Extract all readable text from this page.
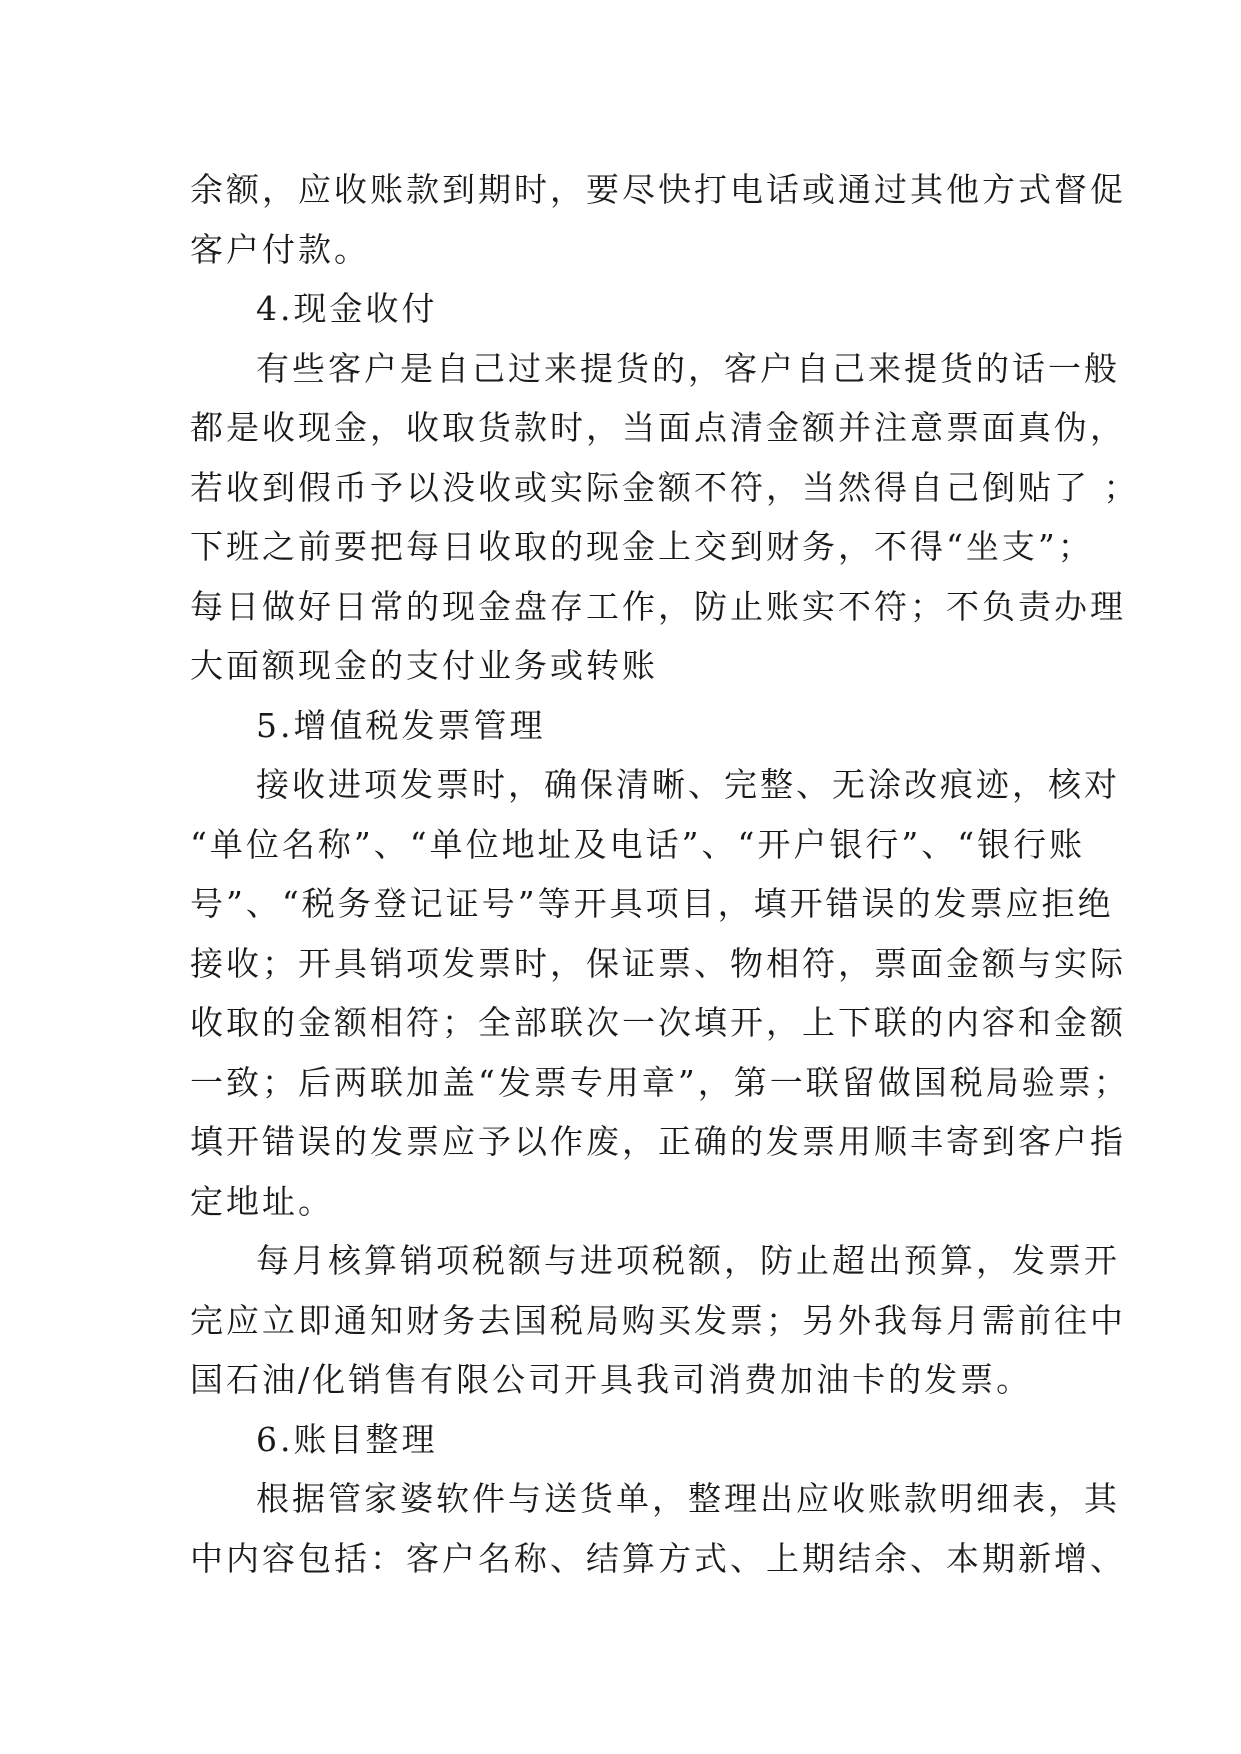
余额，应收账款到期时，要尽快打电话或通过其他方式督促
客户付款。
4.现金收付
有些客户是自己过来提货的，客户自己来提货的话一般
都是收现金，收取货款时，当面点清金额并注意票面真伪，
若收到假币予以没收或实际金额不符，当然得自己倒贴了 ；
下班之前要把每日收取的现金上交到财务，不得“坐支”；
每日做好日常的现金盘存工作，防止账实不符；不负责办理
大面额现金的支付业务或转账
5.增值税发票管理
接收进项发票时，确保清晰、完整、无涂改痕迹，核对
“单位名称”、“单位地址及电话”、“开户银行”、“银行账
号”、“税务登记证号”等开具项目，填开错误的发票应拒绝
接收；开具销项发票时，保证票、物相符，票面金额与实际
收取的金额相符；全部联次一次填开，上下联的内容和金额
一致；后两联加盖“发票专用章”，第一联留做国税局验票；
填开错误的发票应予以作废，正确的发票用顺丰寄到客户指
定地址。
每月核算销项税额与进项税额，防止超出预算，发票开
完应立即通知财务去国税局购买发票；另外我每月需前往中
国石油/化销售有限公司开具我司消费加油卡的发票。
6.账目整理
根据管家婆软件与送货单，整理出应收账款明细表，其
中内容包括：客户名称、结算方式、上期结余、本期新增、
